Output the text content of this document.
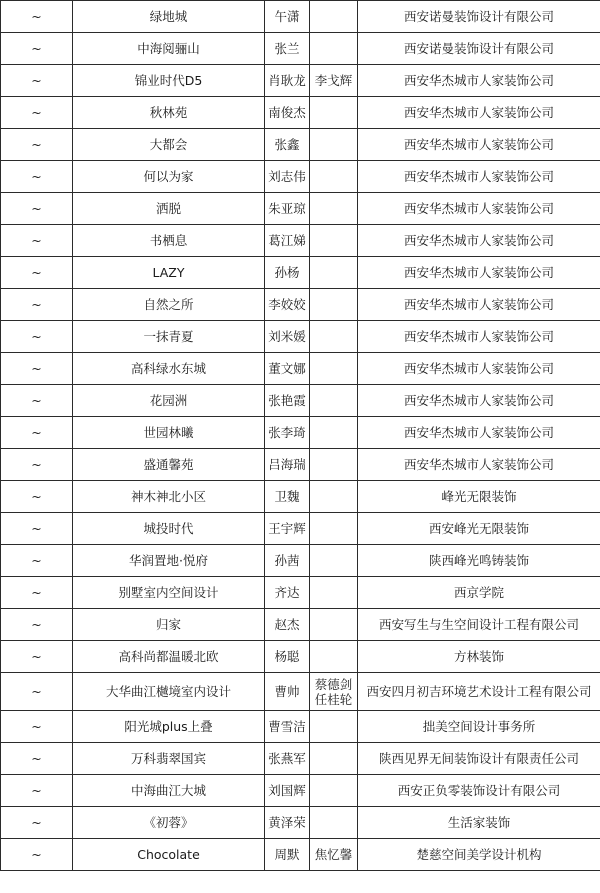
~	绿地城	午潇		西安诺曼装饰设计有限公司
~	中海阅骊山	张兰		西安诺曼装饰设计有限公司
~	锦业时代D5	肖耿龙	李戈辉	西安华杰城市人家装饰公司
~	秋林苑	南俊杰		西安华杰城市人家装饰公司
~	大都会	张鑫		西安华杰城市人家装饰公司
~	何以为家	刘志伟		西安华杰城市人家装饰公司
~	洒脱	朱亚琼		西安华杰城市人家装饰公司
~	书栖息	葛江娣		西安华杰城市人家装饰公司
~	LAZY	孙杨		西安华杰城市人家装饰公司
~	自然之所	李姣姣		西安华杰城市人家装饰公司
~	一抹青夏	刘米媛		西安华杰城市人家装饰公司
~	高科绿水东城	董文娜		西安华杰城市人家装饰公司
~	花园洲	张艳霞		西安华杰城市人家装饰公司
~	世园林曦	张李琦		西安华杰城市人家装饰公司
~	盛通馨苑	吕海瑞		西安华杰城市人家装饰公司
~	神木神北小区	卫魏		峰光无限装饰
~	城投时代	王宇辉		西安峰光无限装饰
~	华润置地·悦府	孙茜		陕西峰光鸣铸装饰
~	别墅室内空间设计	齐达		西京学院
~	归家	赵杰		西安写生与生空间设计工程有限公司
~	高科尚都温暖北欧	杨聪		方林装饰
~	大华曲江樾境室内设计	曹帅	蔡德剑 任桂轮	西安四月初吉环境艺术设计工程有限公司
~	阳光城plus上叠	曹雪洁		拙美空间设计事务所
~	万科翡翠国宾	张燕军		陕西见界无间装饰设计有限责任公司
~	中海曲江大城	刘国辉		西安正负零装饰设计有限公司
~	《初蓉》	黄泽荣		生活家装饰
~	Chocolate	周默	焦忆馨	楚慈空间美学设计机构
